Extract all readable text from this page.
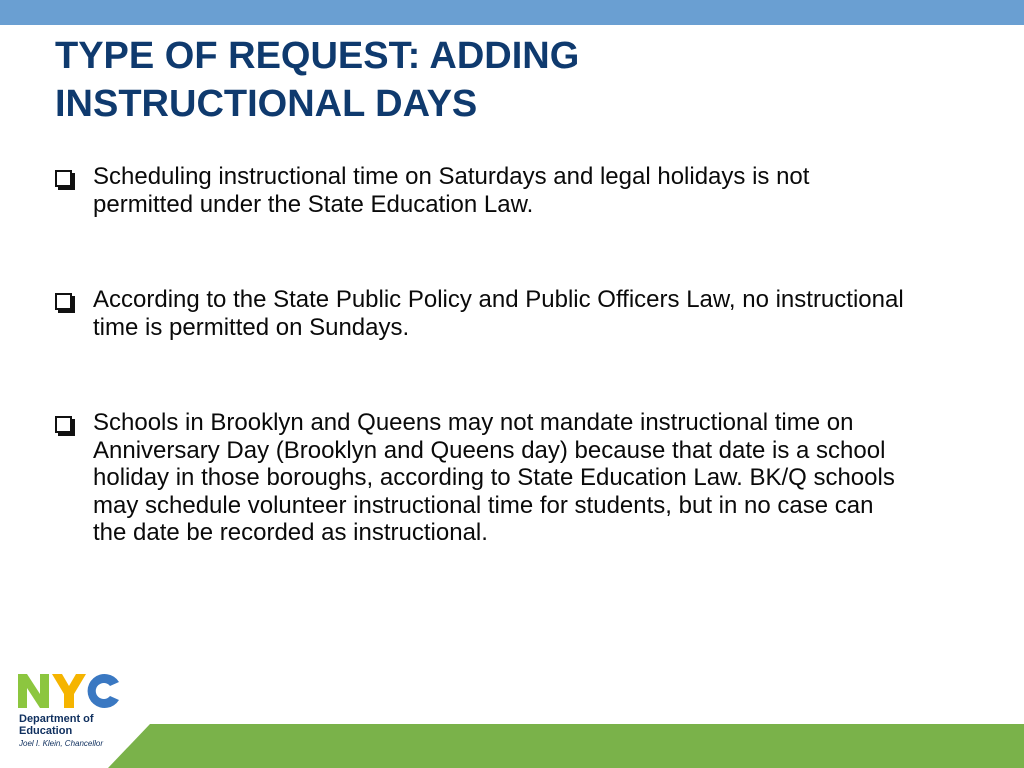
TYPE OF REQUEST: ADDING
INSTRUCTIONAL DAYS
Scheduling instructional time on Saturdays and legal holidays is not permitted under the State Education Law.
According to the State Public Policy and Public Officers Law, no instructional time is permitted on Sundays.
Schools in Brooklyn and Queens may not mandate instructional time on Anniversary Day (Brooklyn and Queens day) because that date is a school holiday in those boroughs, according to State Education Law. BK/Q schools may schedule volunteer instructional time for students, but in no case can the date be recorded as instructional.
Department of
Education
Joel I. Klein, Chancellor
